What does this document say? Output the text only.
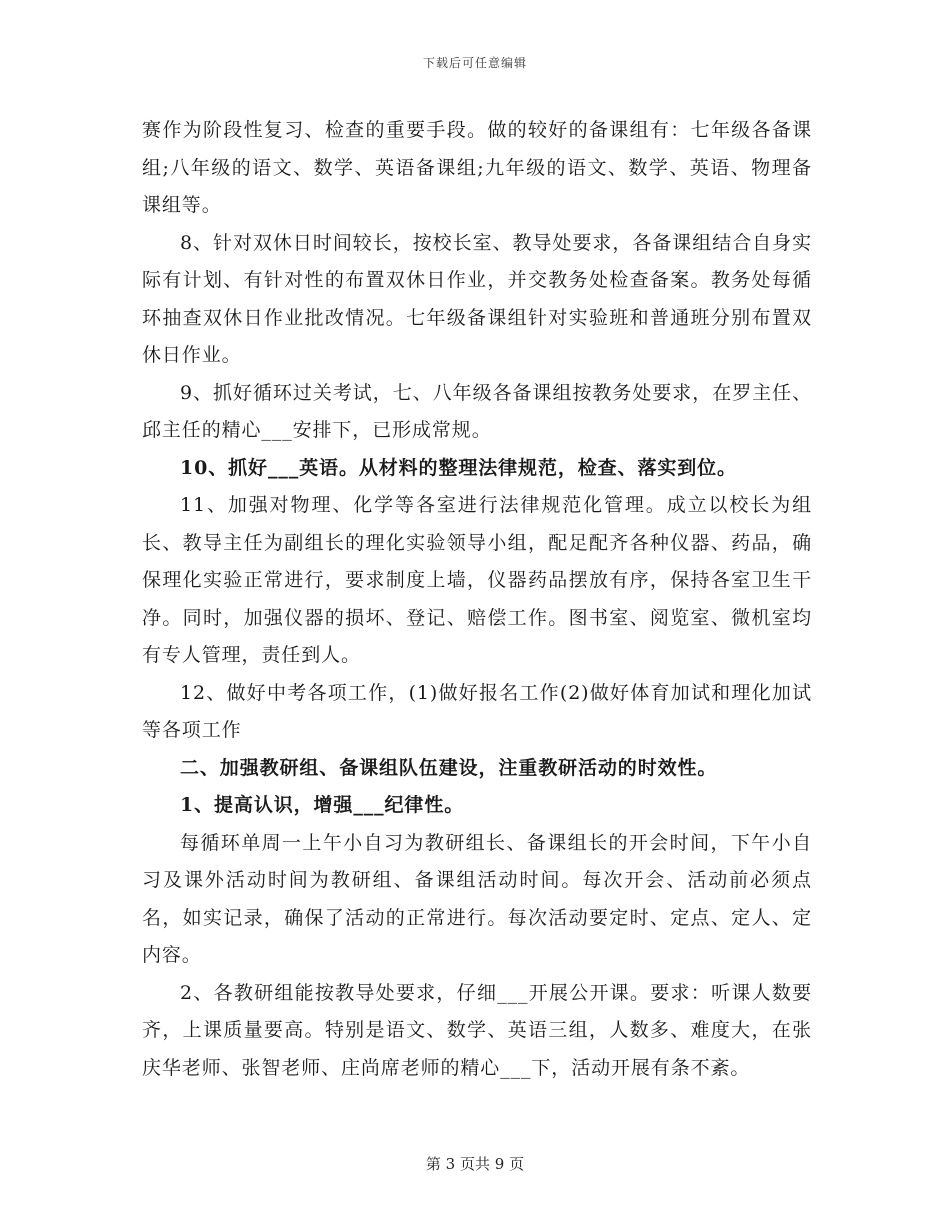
下载后可任意编辑

赛作为阶段性复习、检查的重要手段。做的较好的备课组有：七年级各备课组;八年级的语文、数学、英语备课组;九年级的语文、数学、英语、物理备课组等。

8、针对双休日时间较长，按校长室、教导处要求，各备课组结合自身实际有计划、有针对性的布置双休日作业，并交教务处检查备案。教务处每循环抽查双休日作业批改情况。七年级备课组针对实验班和普通班分别布置双休日作业。

9、抓好循环过关考试，七、八年级各备课组按教务处要求，在罗主任、邱主任的精心___安排下，已形成常规。

10、抓好___英语。从材料的整理法律规范，检查、落实到位。

11、加强对物理、化学等各室进行法律规范化管理。成立以校长为组长、教导主任为副组长的理化实验领导小组，配足配齐各种仪器、药品，确保理化实验正常进行，要求制度上墙，仪器药品摆放有序，保持各室卫生干净。同时，加强仪器的损坏、登记、赔偿工作。图书室、阅览室、微机室均有专人管理，责任到人。

12、做好中考各项工作，(1)做好报名工作(2)做好体育加试和理化加试等各项工作

二、加强教研组、备课组队伍建设，注重教研活动的时效性。

1、提高认识，增强___纪律性。

每循环单周一上午小自习为教研组长、备课组长的开会时间，下午小自习及课外活动时间为教研组、备课组活动时间。每次开会、活动前必须点名，如实记录，确保了活动的正常进行。每次活动要定时、定点、定人、定内容。

2、各教研组能按教导处要求，仔细___开展公开课。要求：听课人数要齐，上课质量要高。特别是语文、数学、英语三组，人数多、难度大，在张庆华老师、张智老师、庄尚席老师的精心___下，活动开展有条不紊。

第 3 页共 9 页
